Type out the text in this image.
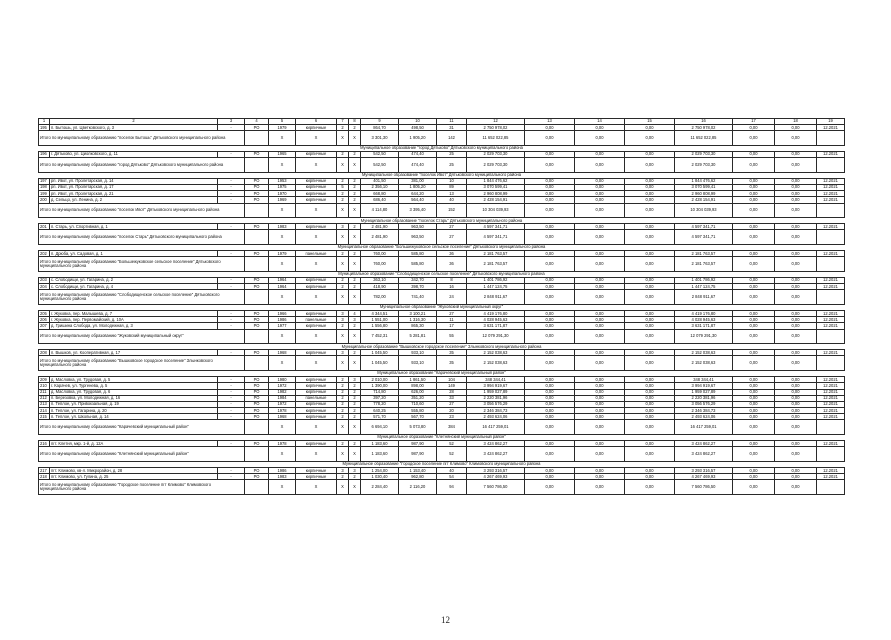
1	2	3	4	5	6	7	8	9	10	11	12	13	14	15	16	17	18	19
195	п. Бытошь, ул. Цветковского, д. 3	-	РО	1979	кирпичные	2	2	864,70	498,50	31	2 750 978,02	0,00	0,00	0,00	2 750 978,02	0,00	0,00	12.2021
Итого по муниципальному образованию "поселок Бытошь" Дятьковского муниципального района				X	X	X	X	3 301,30	1 905,20	142	11 652 022,85	0,00	0,00	0,00	11 652 022,85	0,00	0,00	
Муниципальное образование "город Дятьково" Дятьковского муниципального района																		
196	г. Дятьково, ул. Циолковского, д. 11	-	РО	1965	кирпичные	2	2	542,50	474,40	25	2 029 703,30	0,00	0,00	0,00	2 029 703,30	0,00	0,00	12.2021
Итого по муниципальному образованию "город Дятьково" Дятьковского муниципального района				X	X	X	X	542,50	474,40	25	2 029 703,30	0,00	0,00	0,00	2 029 703,30	0,00	0,00	
Муниципальное образование "поселок Ивот" Дятьковского муниципального района																		
197	рп. Ивот, ул. Пролетарская, д. 14	-	РО	1953	кирпичные	2	2	401,50	381,00	10	1 844 476,62	0,00	0,00	0,00	1 844 476,62	0,00	0,00	12.2021
198	рп. Ивот, ул. Пролетарская, д. 17	-	РО	1975	кирпичные	5	2	2 356,10	1 805,20	89	3 070 599,41	0,00	0,00	0,00	3 070 599,41	0,00	0,00	12.2021
199	рп. Ивот, ул. Пролетарская, д. 21	-	РО	1970	кирпичные	2	2	668,80	644,20	13	2 960 808,99	0,00	0,00	0,00	2 960 808,99	0,00	0,00	12.2021
200	д. Сельцо, ул. Ленина, д. 2	-	РО	1969	кирпичные	2	2	686,40	564,40	40	2 428 154,91	0,00	0,00	0,00	2 428 154,91	0,00	0,00	12.2021
Итого по муниципальному образованию "поселок Ивот" Дятьковского муниципального района				X	X	X	X	4 114,80	3 395,40	152	10 304 039,93	0,00	0,00	0,00	10 304 039,93	0,00	0,00	
Муниципальное образование "поселок Старь" Дятьковского муниципального района																		
201	п. Старь, ул. Спортивная, д. 1	-	РО	1983	кирпичные	3	2	2 481,90	963,50	27	4 597 341,71	0,00	0,00	0,00	4 597 341,71	0,00	0,00	12.2021
Итого по муниципальному образованию "поселок Старь" Дятьковского муниципального района				X	X	X	X	2 481,90	963,50	27	4 597 341,71	0,00	0,00	0,00	4 597 341,71	0,00	0,00	
Муниципальное образование "Большежуковское сельское поселение" Дятьковского муниципального района																		
202	п. Дрюба, ул. Садовая, д. 1	-	РО	1979	панельные	2	2	760,00	585,80	36	2 181 763,57	0,00	0,00	0,00	2 181 763,57	0,00	0,00	12.2021
Итого по муниципальному образованию "Большежуковское сельское поселение" Дятьковского муниципального района				X	X	X	X	760,00	585,80	36	2 181 763,57	0,00	0,00	0,00	2 181 763,57	0,00	0,00	
Муниципальное образование "Слободищенское сельское поселение" Дятьковского муниципального района																		
203	с. Слободищи, ул. Гагарина, д. 2	-	РО	1964	кирпичные	2	2	363,10	342,70	8	1 401 786,92	0,00	0,00	0,00	1 401 786,92	0,00	0,00	12.2021
204	с. Слободищи, ул. Гагарина, д. 4	-	РО	1964	кирпичные	2	2	418,90	398,70	16	1 447 124,75	0,00	0,00	0,00	1 447 124,75	0,00	0,00	12.2021
Итого по муниципальному образованию "Слободищенское сельское поселение" Дятьковского муниципального района				X	X	X	X	782,00	741,40	24	2 848 911,67	0,00	0,00	0,00	2 848 911,67	0,00	0,00	
Муниципальное образование "Жуковский муниципальный округ"																		
205	г. Жуковка, пер. Малышева, д. 7	-	РО	1966	кирпичные	3	4	4 344,51	3 100,21	27	4 419 176,80	0,00	0,00	0,00	4 419 176,80	0,00	0,00	12.2021
206	г. Жуковка, пер. Первомайский, д. 10А	-	РО	1986	панельные	3	3	1 551,00	1 316,30	11	4 028 945,63	0,00	0,00	0,00	4 028 945,63	0,00	0,00	12.2021
207	д. Гришина Слобода, ул. Молодежная, д. 3	-	РО	1977	кирпичные	2	2	1 556,80	865,30	17	3 631 171,87	0,00	0,00	0,00	3 631 171,87	0,00	0,00	12.2021
Итого по муниципальному образованию "Жуковский муниципальный округ"				X	X	X	X	7 452,31	5 281,81	55	12 079 291,30	0,00	0,00	0,00	12 079 291,30	0,00	0,00	
Муниципальное образование "Вышковское городское поселение" Злынковского муниципального района																		
208	п. Вышков, ул. Кооперативная, д. 17	-	РО	1968	кирпичные	3	2	1 045,50	933,10	35	2 152 038,63	0,00	0,00	0,00	2 152 038,63	0,00	0,00	12.2021
Итого по муниципальному образованию "Вышковское городское поселение" Злынковского муниципального района				X	X	X	X	1 045,50	933,10	35	2 152 038,63	0,00	0,00	0,00	2 152 038,63	0,00	0,00	
Муниципальное образование "Карачевский муниципальный район"																		
209	д. Масловка, ул. Трудовая, д. 5	-	РО	1980	кирпичные	2	3	2 010,00	1 861,50	104	348 344,41	0,00	0,00	0,00	348 344,41	0,00	0,00	12.2021
210	г. Карачев, ул. Тургенева, д. 5	-	РО	1972	кирпичные	2	2	1 390,00	898,00	149	3 994 919,67	0,00	0,00	0,00	3 994 919,67	0,00	0,00	12.2021
211	д. Масловка, ул. Трудовая, д. 6	-	РО	1982	кирпичные	2	2	714,80	626,00	28	1 959 027,89	0,00	0,00	0,00	1 959 027,89	0,00	0,00	12.2021
212	п. Березовка, ул. Молодежная, д. 16	-	РО	1984	панельные	2	2	397,20	351,20	33	2 220 381,96	0,00	0,00	0,00	2 220 381,96	0,00	0,00	12.2021
213	п. Теплое, ул. Привокзальная, д. 19	-	РО	1972	кирпичные	2	2	778,20	710,60	27	3 056 576,29	0,00	0,00	0,00	3 056 576,29	0,00	0,00	12.2021
214	п. Теплое, ул. Гагарина, д. 20	-	РО	1978	кирпичные	2	2	640,25	555,80	20	2 346 384,73	0,00	0,00	0,00	2 346 384,73	0,00	0,00	12.2021
215	п. Теплое, ул. Школьная, д. 14	-	РО	1968	кирпичные	2	2	571,70	567,70	23	2 493 624,06	0,00	0,00	0,00	2 493 624,06	0,00	0,00	12.2021
Итого по муниципальному образованию "Карачевский муниципальный район"				X	X	X	X	6 694,10	5 073,80	384	16 417 259,01	0,00	0,00	0,00	16 417 259,01	0,00	0,00	
Муниципальное образование "Клетнянский муниципальный район"																		
216	пгт. Клетня, мкр. 1-й, д. 12А	-	РО	1978	кирпичные	2	2	1 183,60	987,90	52	3 424 862,27	0,00	0,00	0,00	3 424 862,27	0,00	0,00	12.2021
Итого по муниципальному образованию "Клетнянский муниципальный район"				X	X	X	X	1 183,60	987,90	52	3 424 862,27	0,00	0,00	0,00	3 424 862,27	0,00	0,00	
Муниципальное образование "Городское поселение пгт Климово" Климовского муниципального района																		
217	пгт. Климово, кв-л. Микрорайон, д. 28	-	РО	1986	кирпичные	3	3	1 254,00	1 153,40	40	3 293 316,57	0,00	0,00	0,00	3 293 316,57	0,00	0,00	12.2021
218	пгт. Климово, ул. Гулина, д. 25	-	РО	1983	кирпичные	2	2	1 030,40	962,80	54	4 267 469,93	0,00	0,00	0,00	4 267 469,93	0,00	0,00	12.2021
Итого по муниципальному образованию "Городское поселение пгт Климово" Климовского муниципального района				X	X	X	X	2 284,40	2 116,20	94	7 560 786,50	0,00	0,00	0,00	7 560 786,50	0,00	0,00	
12
